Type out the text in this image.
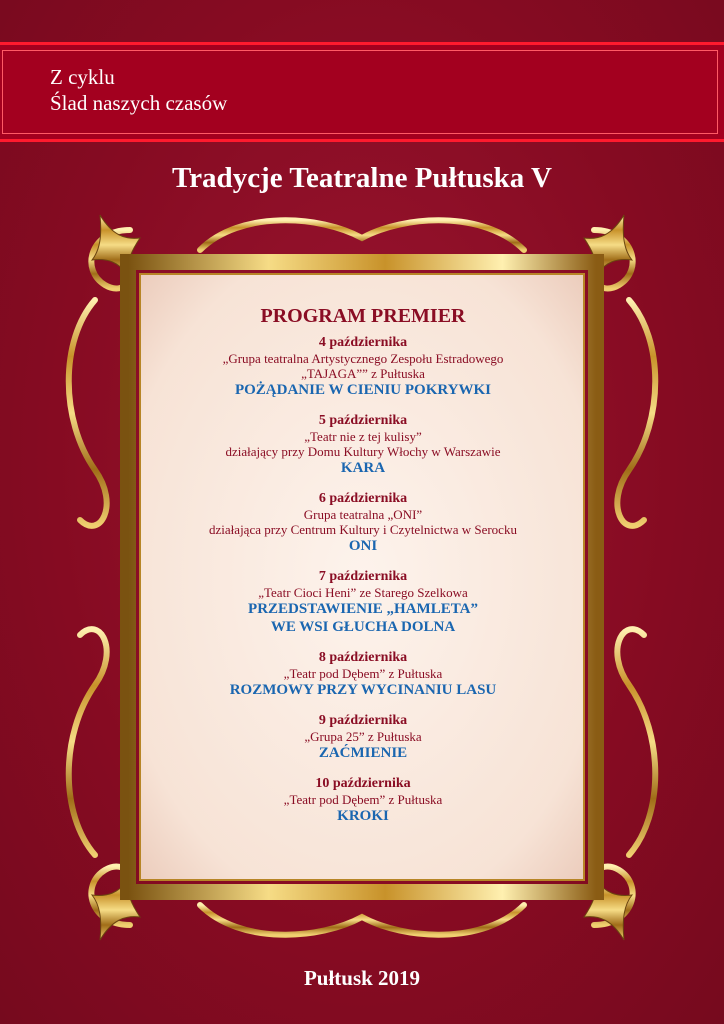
Z cyklu
Ślad naszych czasów
Tradycje Teatralne Pułtuska V
PROGRAM PREMIER
4 października
„Grupa teatralna Artystycznego Zespołu Estradowego
„TAJAGA”” z Pułtuska
POŻĄDANIE W CIENIU POKRYWKI
5 października
„Teatr nie z tej kulisy”
działający przy Domu Kultury Włochy w Warszawie
KARA
6 października
Grupa teatralna „ONI”
działająca przy Centrum Kultury i Czytelnictwa w Serocku
ONI
7 października
„Teatr Cioci Heni” ze Starego Szelkowa
PRZEDSTAWIENIE „HAMLETA”
WE WSI GŁUCHA DOLNA
8 października
„Teatr pod Dębem” z Pułtuska
ROZMOWY PRZY WYCINANIU LASU
9 października
„Grupa 25” z Pułtuska
ZAĆMIENIE
10 października
„Teatr pod Dębem” z Pułtuska
KROKI
Pułtusk 2019
